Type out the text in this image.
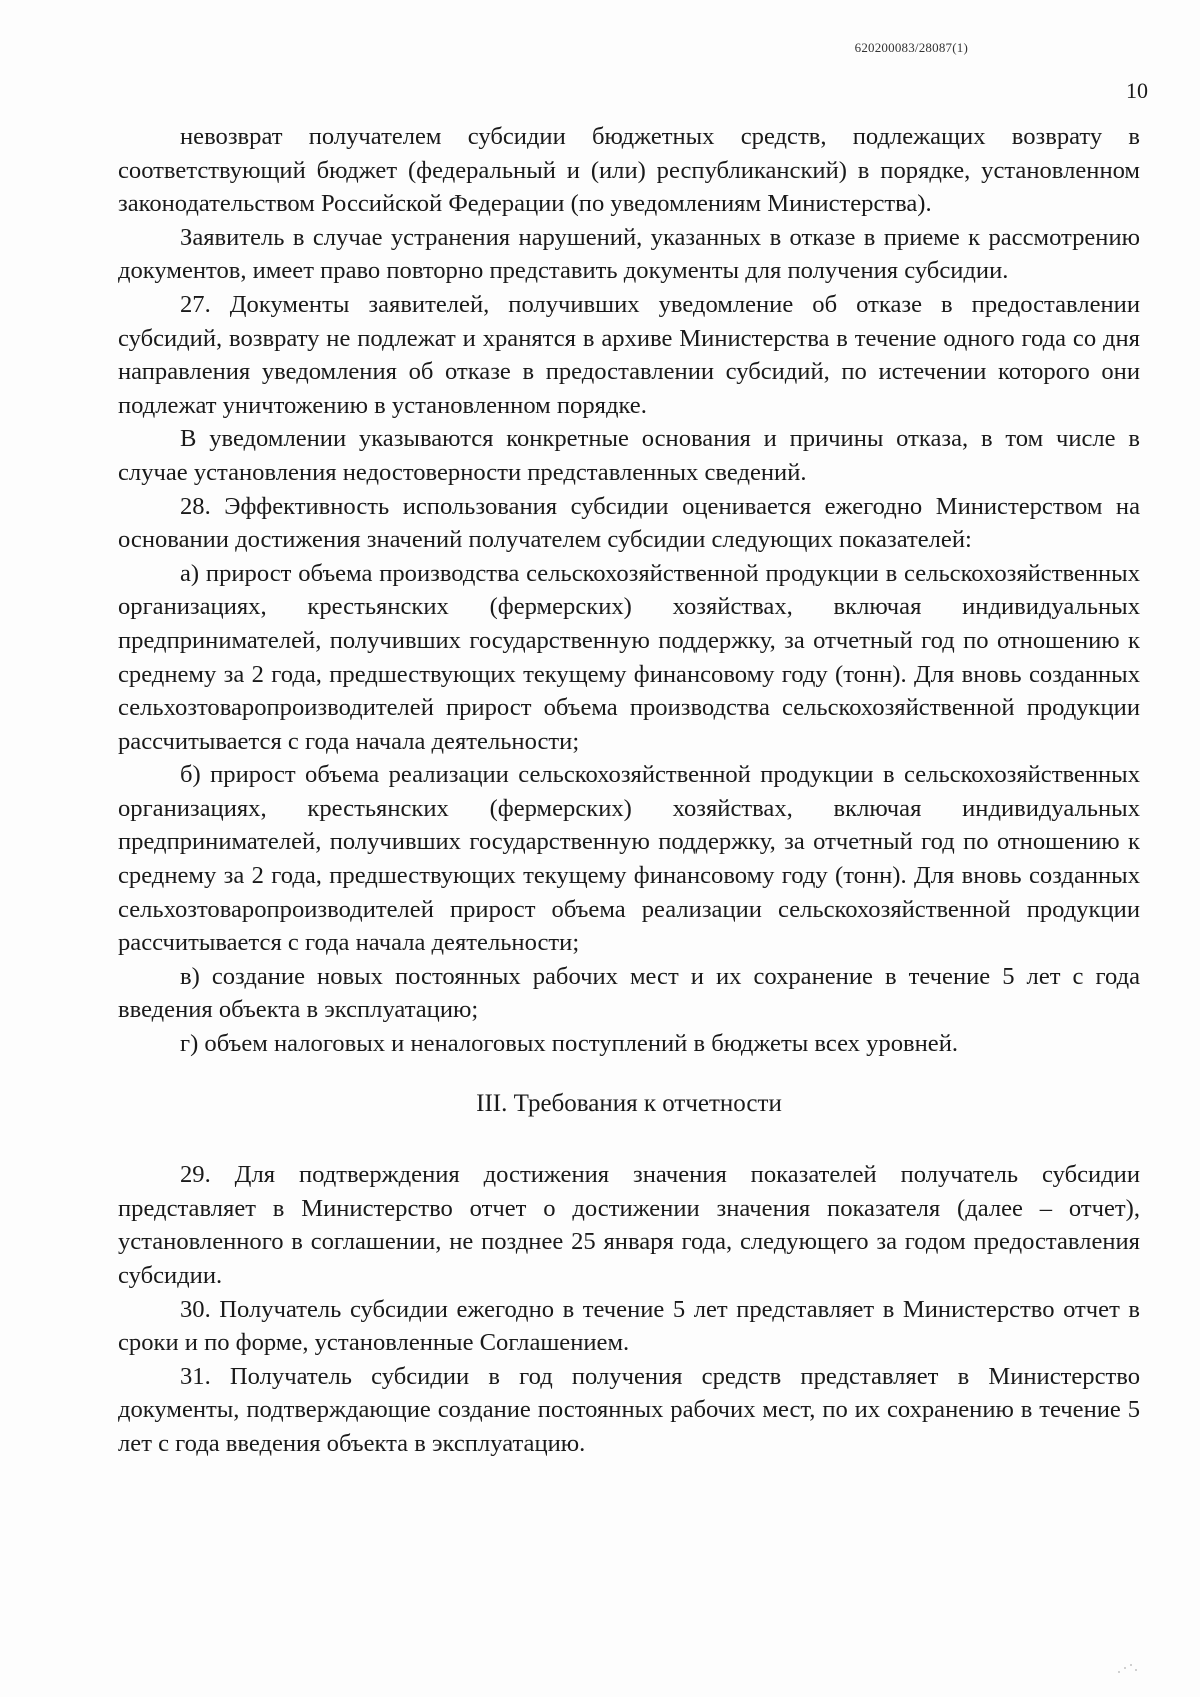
620200083/28087(1)
10

невозврат получателем субсидии бюджетных средств, подлежащих возврату в соответствующий бюджет (федеральный и (или) республиканский) в порядке, установленном законодательством Российской Федерации (по уведомлениям Министерства).

Заявитель в случае устранения нарушений, указанных в отказе в приеме к рассмотрению документов, имеет право повторно представить документы для получения субсидии.

27. Документы заявителей, получивших уведомление об отказе в предоставлении субсидий, возврату не подлежат и хранятся в архиве Министерства в течение одного года со дня направления уведомления об отказе в предоставлении субсидий, по истечении которого они подлежат уничтожению в установленном порядке.

В уведомлении указываются конкретные основания и причины отказа, в том числе в случае установления недостоверности представленных сведений.

28. Эффективность использования субсидии оценивается ежегодно Министерством на основании достижения значений получателем субсидии следующих показателей:

а) прирост объема производства сельскохозяйственной продукции в сельскохозяйственных организациях, крестьянских (фермерских) хозяйствах, включая индивидуальных предпринимателей, получивших государственную поддержку, за отчетный год по отношению к среднему за 2 года, предшествующих текущему финансовому году (тонн). Для вновь созданных сельхозтоваропроизводителей прирост объема производства сельскохозяйственной продукции рассчитывается с года начала деятельности;

б) прирост объема реализации сельскохозяйственной продукции в сельскохозяйственных организациях, крестьянских (фермерских) хозяйствах, включая индивидуальных предпринимателей, получивших государственную поддержку, за отчетный год по отношению к среднему за 2 года, предшествующих текущему финансовому году (тонн). Для вновь созданных сельхозтоваропроизводителей прирост объема реализации сельскохозяйственной продукции рассчитывается с года начала деятельности;

в) создание новых постоянных рабочих мест и их сохранение в течение 5 лет с года введения объекта в эксплуатацию;

г) объем налоговых и неналоговых поступлений в бюджеты всех уровней.

III. Требования к отчетности

29. Для подтверждения достижения значения показателей получатель субсидии представляет в Министерство отчет о достижении значения показателя (далее – отчет), установленного в соглашении, не позднее 25 января года, следующего за годом предоставления субсидии.

30. Получатель субсидии ежегодно в течение 5 лет представляет в Министерство отчет в сроки и по форме, установленные Соглашением.

31. Получатель субсидии в год получения средств представляет в Министерство документы, подтверждающие создание постоянных рабочих мест, по их сохранению в течение 5 лет с года введения объекта в эксплуатацию.
